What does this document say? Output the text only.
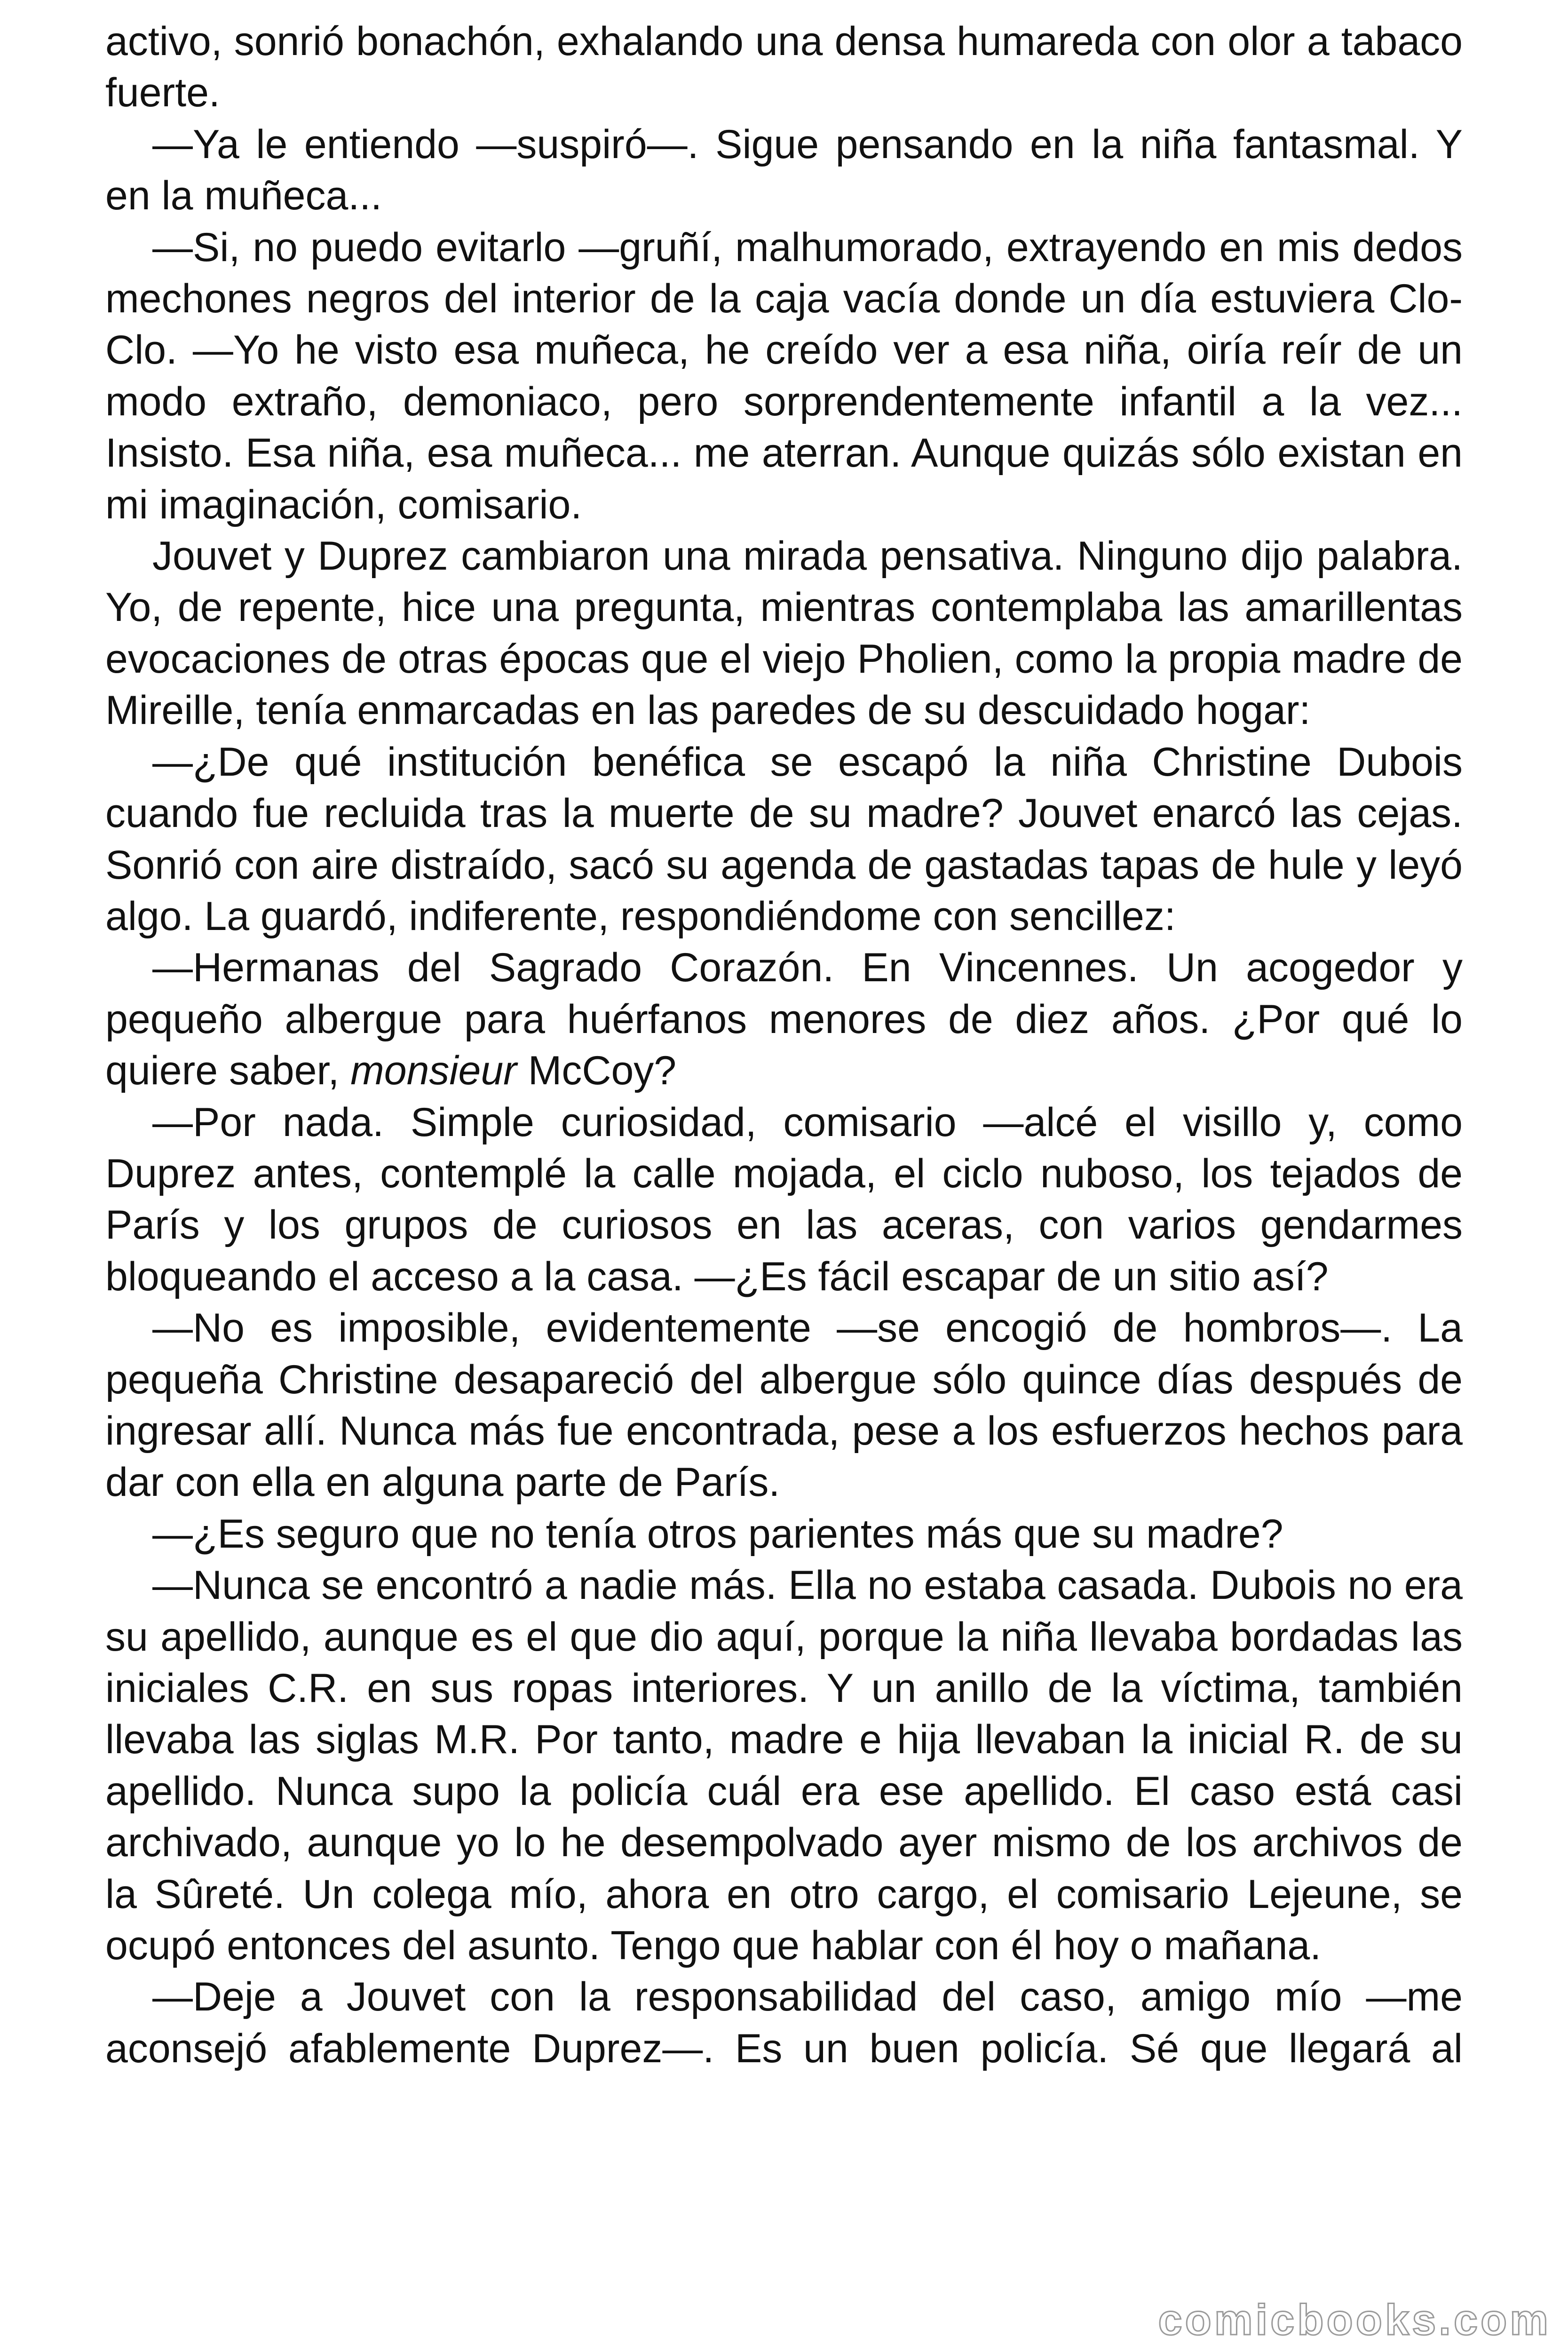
activo, sonrió bonachón, exhalando una densa humareda con olor a tabaco fuerte.

—Ya le entiendo —suspiró—. Sigue pensando en la niña fantasmal. Y en la muñeca...

—Si, no puedo evitarlo —gruñí, malhumorado, extrayendo en mis dedos mechones negros del interior de la caja vacía donde un día estuviera Clo-Clo. —Yo he visto esa muñeca, he creído ver a esa niña, oiría reír de un modo extraño, demoniaco, pero sorprendentemente infantil a la vez... Insisto. Esa niña, esa muñeca... me aterran. Aunque quizás sólo existan en mi imaginación, comisario.

Jouvet y Duprez cambiaron una mirada pensativa. Ninguno dijo palabra. Yo, de repente, hice una pregunta, mientras contemplaba las amarillentas evocaciones de otras épocas que el viejo Pholien, como la propia madre de Mireille, tenía enmarcadas en las paredes de su descuidado hogar:

—¿De qué institución benéfica se escapó la niña Christine Dubois cuando fue recluida tras la muerte de su madre? Jouvet enarcó las cejas. Sonrió con aire distraído, sacó su agenda de gastadas tapas de hule y leyó algo. La guardó, indiferente, respondiéndome con sencillez:

—Hermanas del Sagrado Corazón. En Vincennes. Un acogedor y pequeño albergue para huérfanos menores de diez años. ¿Por qué lo quiere saber, monsieur McCoy?

—Por nada. Simple curiosidad, comisario —alcé el visillo y, como Duprez antes, contemplé la calle mojada, el ciclo nuboso, los tejados de París y los grupos de curiosos en las aceras, con varios gendarmes bloqueando el acceso a la casa. —¿Es fácil escapar de un sitio así?

—No es imposible, evidentemente —se encogió de hombros—. La pequeña Christine desapareció del albergue sólo quince días después de ingresar allí. Nunca más fue encontrada, pese a los esfuerzos hechos para dar con ella en alguna parte de París.

—¿Es seguro que no tenía otros parientes más que su madre?

—Nunca se encontró a nadie más. Ella no estaba casada. Dubois no era su apellido, aunque es el que dio aquí, porque la niña llevaba bordadas las iniciales C.R. en sus ropas interiores. Y un anillo de la víctima, también llevaba las siglas M.R. Por tanto, madre e hija llevaban la inicial R. de su apellido. Nunca supo la policía cuál era ese apellido. El caso está casi archivado, aunque yo lo he desempolvado ayer mismo de los archivos de la Sûreté. Un colega mío, ahora en otro cargo, el comisario Lejeune, se ocupó entonces del asunto. Tengo que hablar con él hoy o mañana.

—Deje a Jouvet con la responsabilidad del caso, amigo mío —me aconsejó afablemente Duprez—. Es un buen policía. Sé que llegará al

comicbooks.com
